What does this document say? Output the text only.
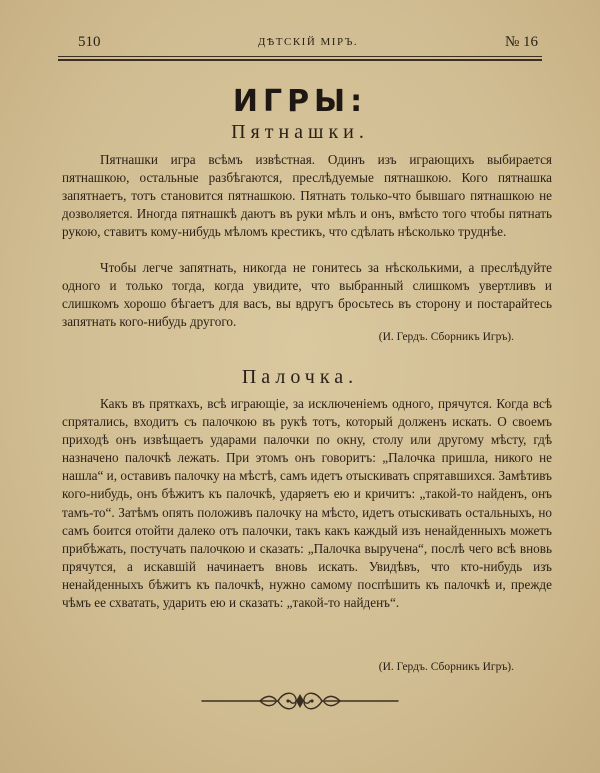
510	ДѢТСКІЙ МІРЪ.	№ 16
ИГРЫ:
Пятнашки.

Пятнашки игра всѣмъ извѣстная. Одинъ изъ играющихъ выбирается пятнашкою, остальные разбѣгаются, преслѣдуемые пятнашкою. Кого пятнашка запятнаетъ, тотъ становится пятнашкою. Пятнать только-что бывшаго пятнашкою не дозволяется. Иногда пятнашкѣ даютъ въ руки мѣлъ и онъ, вмѣсто того чтобы пятнать рукою, ставитъ кому-нибудь мѣломъ крестикъ, что сдѣлать нѣсколько труднѣе.

Чтобы легче запятнать, никогда не гонитесь за нѣсколькими, а преслѣдуйте одного и только тогда, когда увидите, что выбранный слишкомъ увертливъ и слишкомъ хорошо бѣгаетъ для васъ, вы вдругъ бросьтесь въ сторону и постарайтесь запятнать кого-нибудь другого.

(И. Гердъ. Сборникъ Игръ).
Палочка.

Какъ въ пряткахъ, всѣ играющіе, за исключеніемъ одного, прячутся. Когда всѣ спрятались, входитъ съ палочкою въ рукѣ тотъ, который долженъ искать. О своемъ приходѣ онъ извѣщаетъ ударами палочки по окну, столу или другому мѣсту, гдѣ назначено палочкѣ лежать. При этомъ онъ говоритъ: „Палочка пришла, никого не нашла“ и, оставивъ палочку на мѣстѣ, самъ идетъ отыскивать спрятавшихся. Замѣтивъ кого-нибудь, онъ бѣжитъ къ палочкѣ, ударяетъ ею и кричитъ: „такой-то найденъ, онъ тамъ-то“. Затѣмъ опять положивъ палочку на мѣсто, идетъ отыскивать остальныхъ, но самъ боится отойти далеко отъ палочки, такъ какъ каждый изъ ненайденныхъ можетъ прибѣжать, постучать палочкою и сказать: „Палочка выручена“, послѣ чего всѣ вновь прячутся, а искавшій начинаетъ вновь искать. Увидѣвъ, что кто-нибудь изъ ненайденныхъ бѣжитъ къ палочкѣ, нужно самому поспѣшить къ палочкѣ и, прежде чѣмъ ее схватать, ударить ею и сказать: „такой-то найденъ“.

(И. Гердъ. Сборникъ Игръ).
